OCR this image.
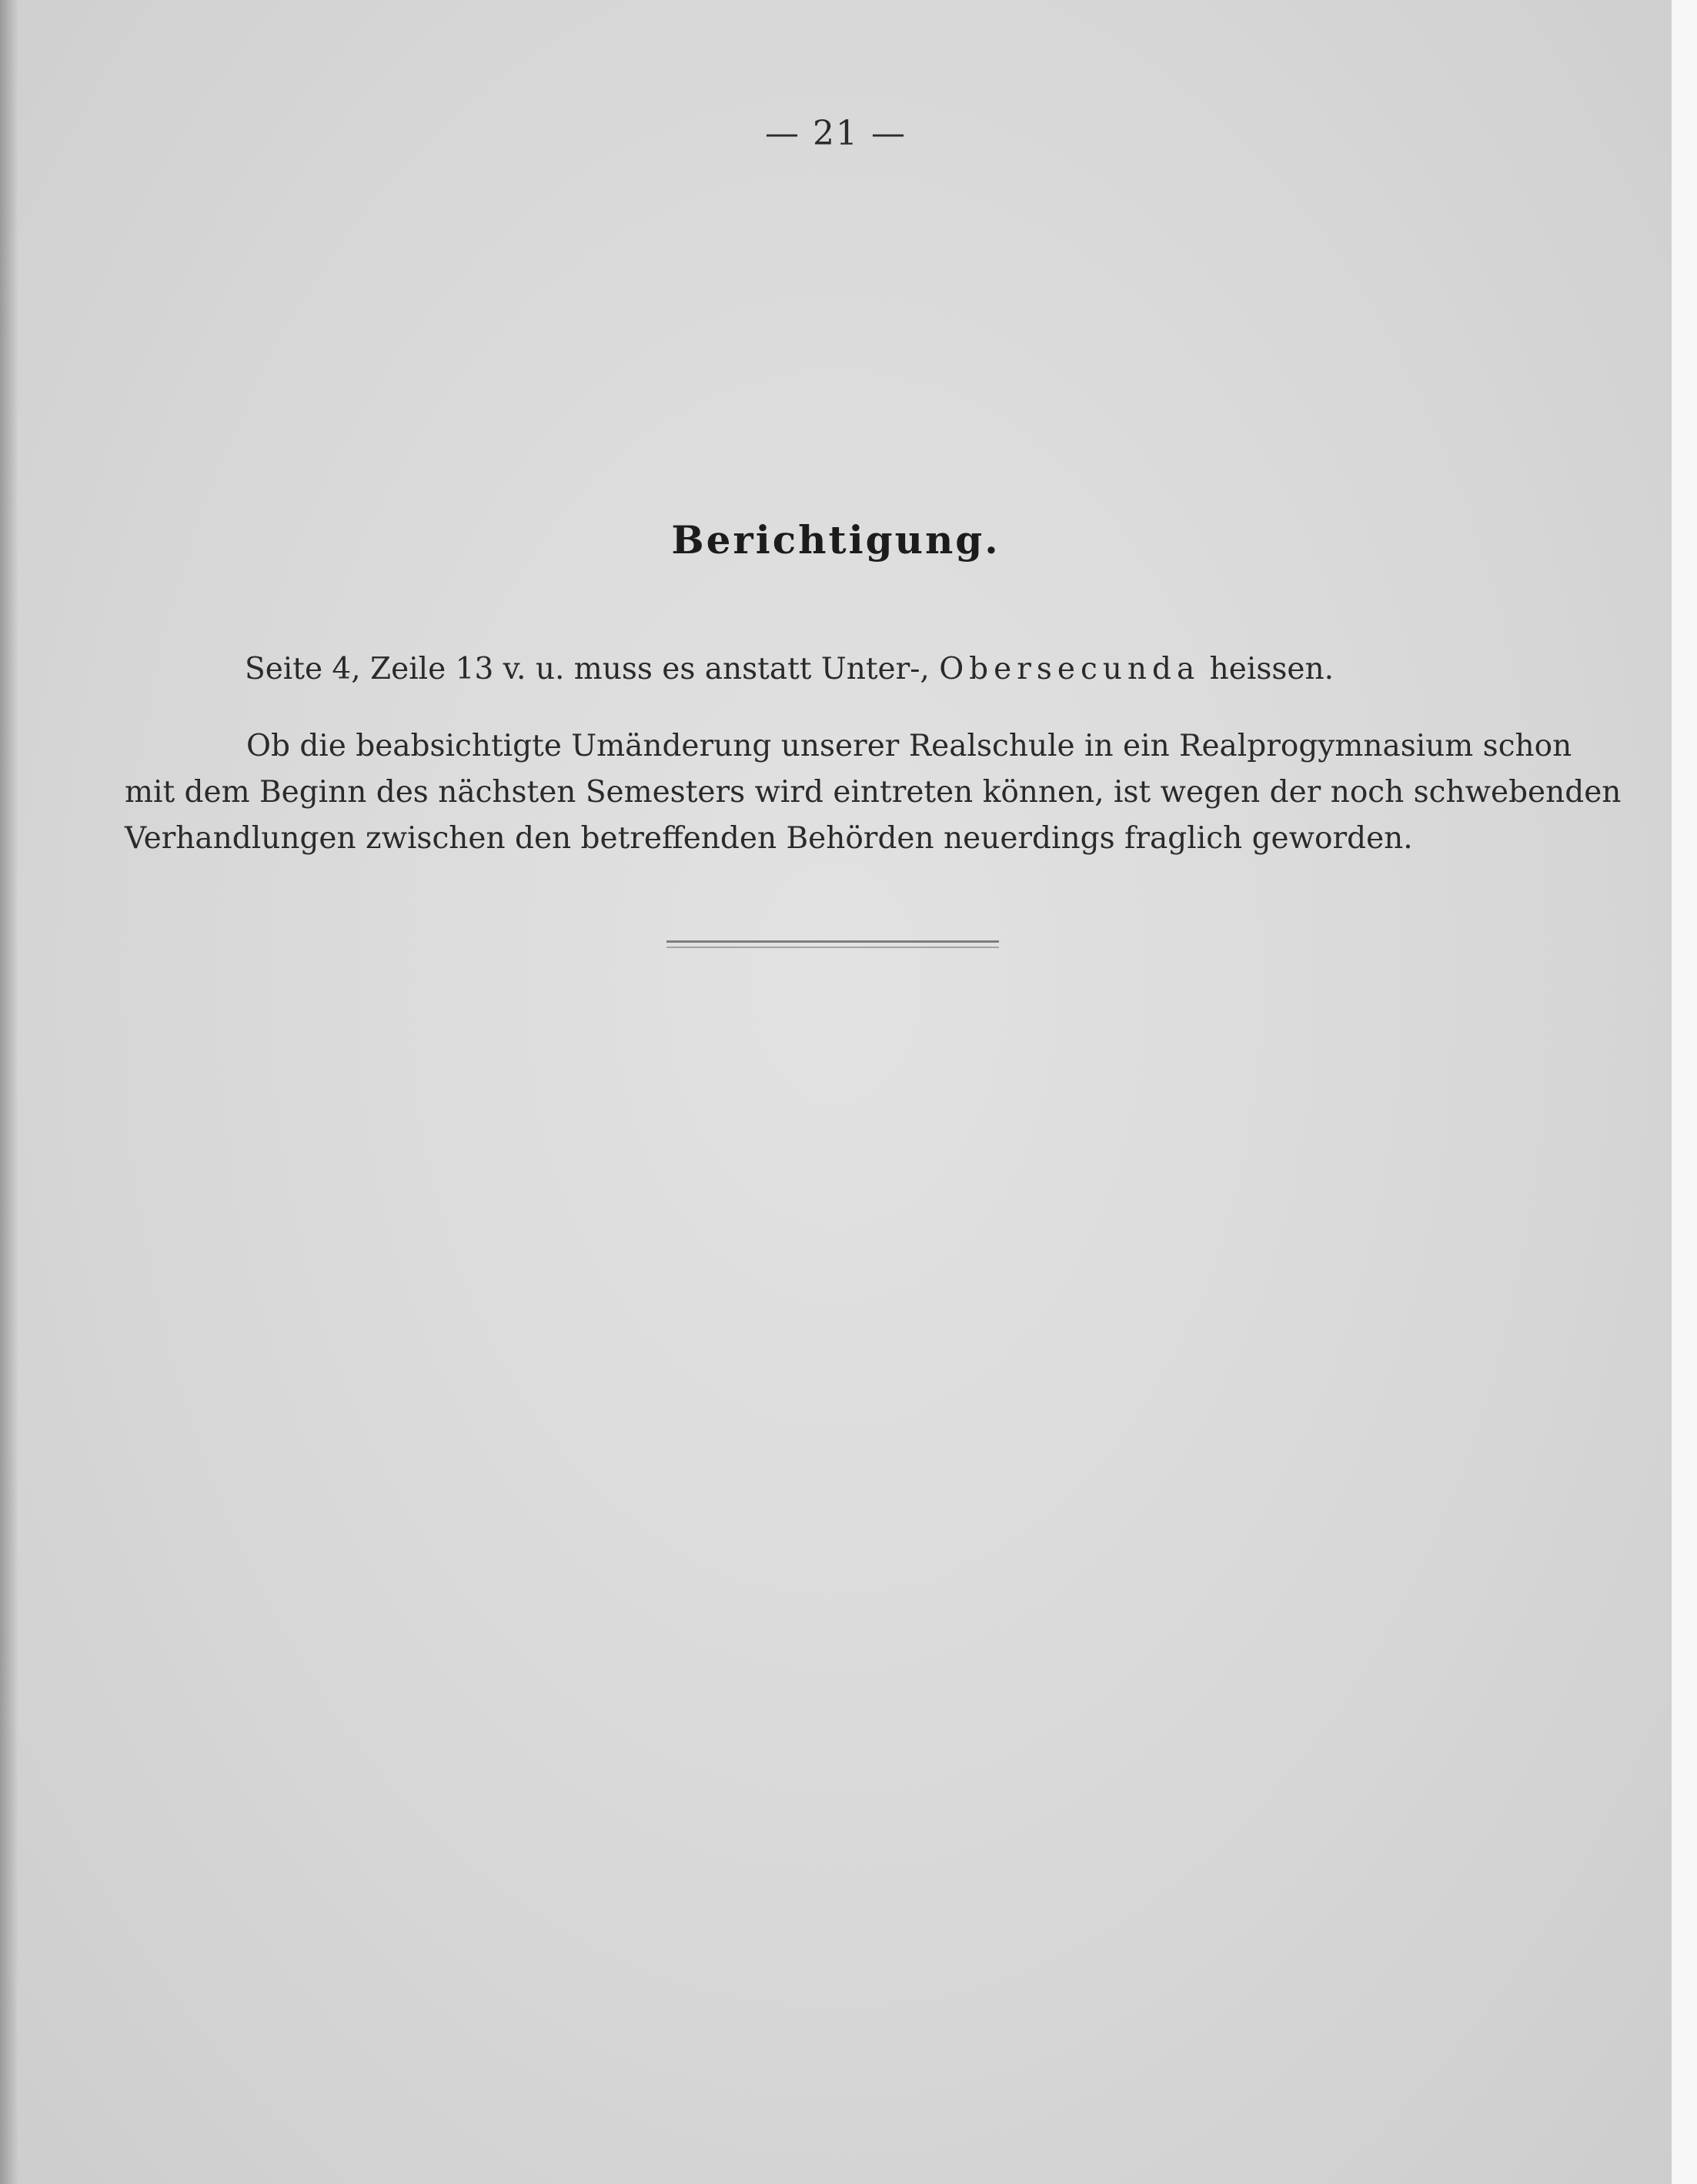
— 21 —
Berichtigung.
Seite 4, Zeile 13 v. u. muss es anstatt Unter-, Obersecunda heissen.
Ob die beabsichtigte Umänderung unserer Realschule in ein Realprogymnasium schon
mit dem Beginn des nächsten Semesters wird eintreten können, ist wegen der noch schwebenden
Verhandlungen zwischen den betreffenden Behörden neuerdings fraglich geworden.
